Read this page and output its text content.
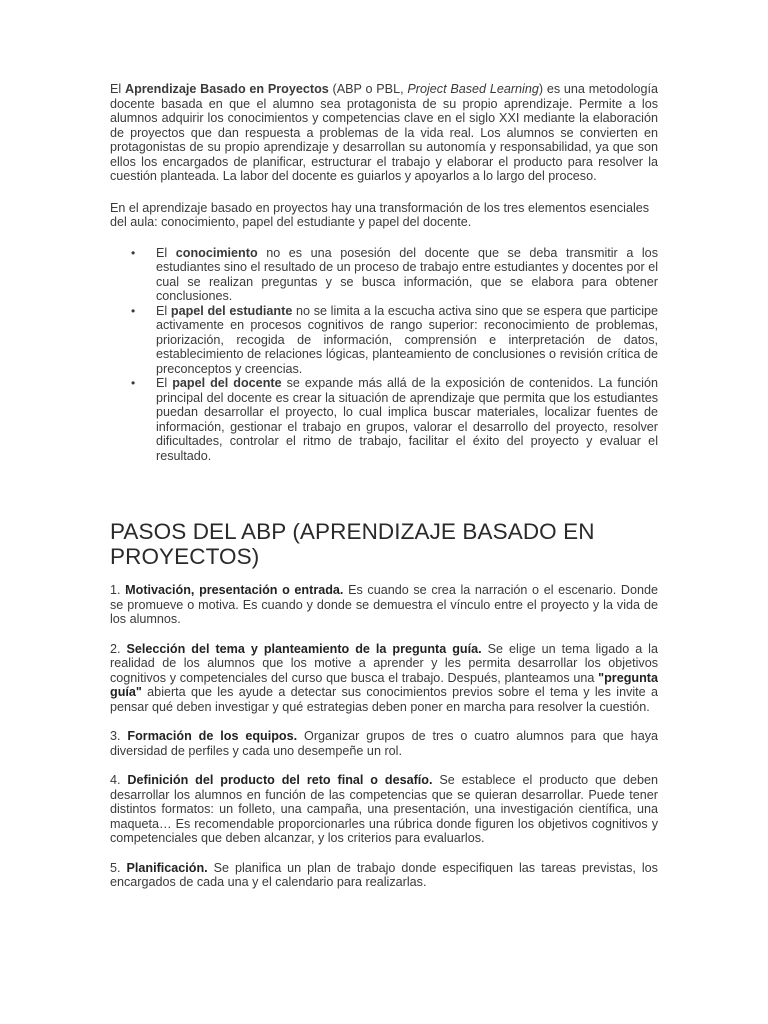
El Aprendizaje Basado en Proyectos (ABP o PBL, Project Based Learning) es una metodología docente basada en que el alumno sea protagonista de su propio aprendizaje. Permite a los alumnos adquirir los conocimientos y competencias clave en el siglo XXI mediante la elaboración de proyectos que dan respuesta a problemas de la vida real. Los alumnos se convierten en protagonistas de su propio aprendizaje y desarrollan su autonomía y responsabilidad, ya que son ellos los encargados de planificar, estructurar el trabajo y elaborar el producto para resolver la cuestión planteada. La labor del docente es guiarlos y apoyarlos a lo largo del proceso.

En el aprendizaje basado en proyectos hay una transformación de los tres elementos esenciales del aula: conocimiento, papel del estudiante y papel del docente.

• El conocimiento no es una posesión del docente que se deba transmitir a los estudiantes sino el resultado de un proceso de trabajo entre estudiantes y docentes por el cual se realizan preguntas y se busca información, que se elabora para obtener conclusiones.
• El papel del estudiante no se limita a la escucha activa sino que se espera que participe activamente en procesos cognitivos de rango superior: reconocimiento de problemas, priorización, recogida de información, comprensión e interpretación de datos, establecimiento de relaciones lógicas, planteamiento de conclusiones o revisión crítica de preconceptos y creencias.
• El papel del docente se expande más allá de la exposición de contenidos. La función principal del docente es crear la situación de aprendizaje que permita que los estudiantes puedan desarrollar el proyecto, lo cual implica buscar materiales, localizar fuentes de información, gestionar el trabajo en grupos, valorar el desarrollo del proyecto, resolver dificultades, controlar el ritmo de trabajo, facilitar el éxito del proyecto y evaluar el resultado.
PASOS DEL ABP (APRENDIZAJE BASADO EN PROYECTOS)

1. Motivación, presentación o entrada. Es cuando se crea la narración o el escenario. Donde se promueve o motiva. Es cuando y donde se demuestra el vínculo entre el proyecto y la vida de los alumnos.

2. Selección del tema y planteamiento de la pregunta guía. Se elige un tema ligado a la realidad de los alumnos que los motive a aprender y les permita desarrollar los objetivos cognitivos y competenciales del curso que busca el trabajo. Después, planteamos una "pregunta guía" abierta que les ayude a detectar sus conocimientos previos sobre el tema y les invite a pensar qué deben investigar y qué estrategias deben poner en marcha para resolver la cuestión.

3. Formación de los equipos. Organizar grupos de tres o cuatro alumnos para que haya diversidad de perfiles y cada uno desempeñe un rol.

4. Definición del producto del reto final o desafío. Se establece el producto que deben desarrollar los alumnos en función de las competencias que se quieran desarrollar. Puede tener distintos formatos: un folleto, una campaña, una presentación, una investigación científica, una maqueta… Es recomendable proporcionarles una rúbrica donde figuren los objetivos cognitivos y competenciales que deben alcanzar, y los criterios para evaluarlos.

5. Planificación. Se planifica un plan de trabajo donde especifiquen las tareas previstas, los encargados de cada una y el calendario para realizarlas.
